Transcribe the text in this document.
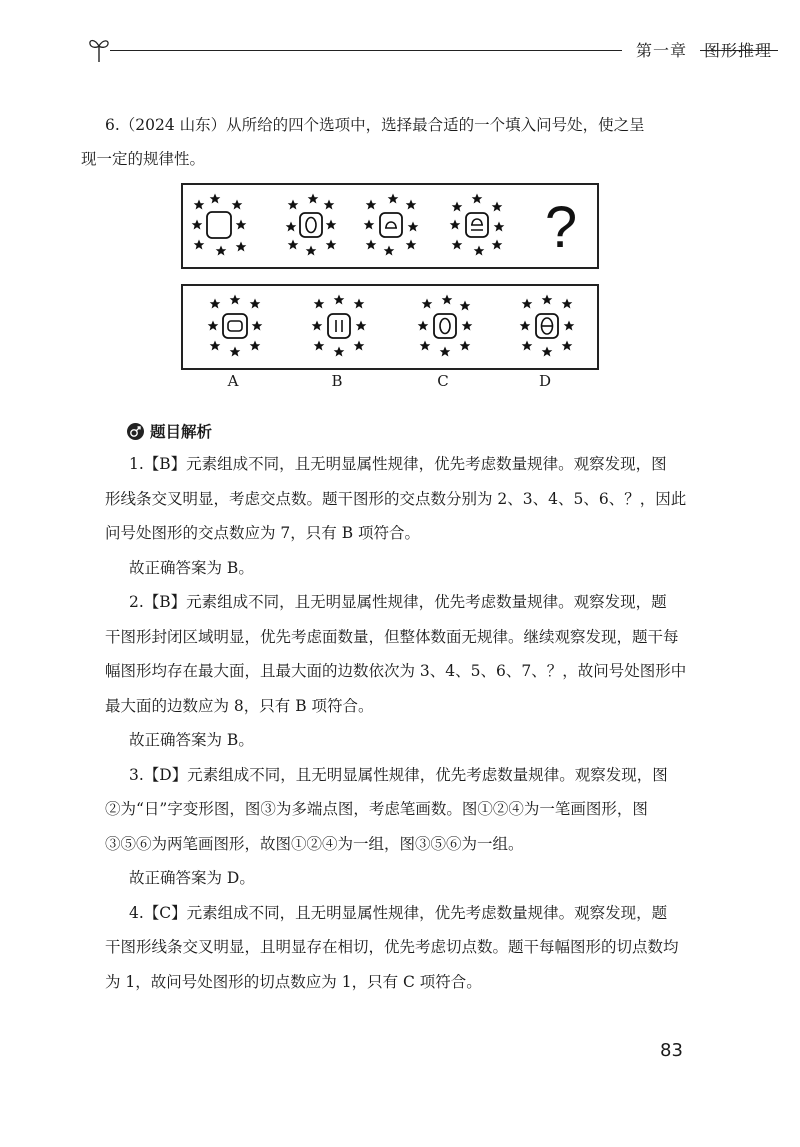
第一章　图形推理
6.（2024 山东）从所给的四个选项中，选择最合适的一个填入问号处，使之呈
现一定的规律性。
?
A	B	C	D
题目解析

1.【B】元素组成不同，且无明显属性规律，优先考虑数量规律。观察发现，图

形线条交叉明显，考虑交点数。题干图形的交点数分别为 2、3、4、5、6、？，因此

问号处图形的交点数应为 7，只有 B 项符合。

故正确答案为 B。

2.【B】元素组成不同，且无明显属性规律，优先考虑数量规律。观察发现，题

干图形封闭区域明显，优先考虑面数量，但整体数面无规律。继续观察发现，题干每

幅图形均存在最大面，且最大面的边数依次为 3、4、5、6、7、？，故问号处图形中

最大面的边数应为 8，只有 B 项符合。

故正确答案为 B。

3.【D】元素组成不同，且无明显属性规律，优先考虑数量规律。观察发现，图

②为“日”字变形图，图③为多端点图，考虑笔画数。图①②④为一笔画图形，图

③⑤⑥为两笔画图形，故图①②④为一组，图③⑤⑥为一组。

故正确答案为 D。

4.【C】元素组成不同，且无明显属性规律，优先考虑数量规律。观察发现，题

干图形线条交叉明显，且明显存在相切，优先考虑切点数。题干每幅图形的切点数均

为 1，故问号处图形的切点数应为 1，只有 C 项符合。

83
